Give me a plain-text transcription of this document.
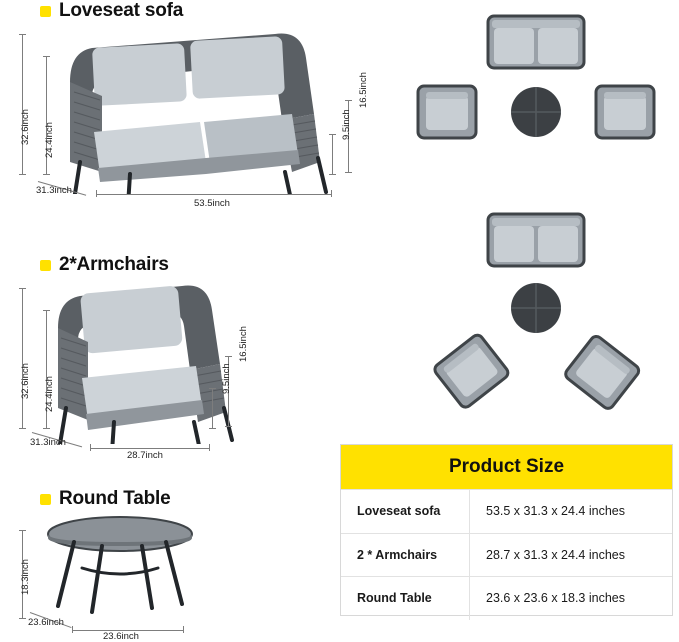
Loveseat sofa
32.6inch 24.4inch
31.3inch
53.5inch
16.5inch
9.5inch
2*Armchairs
32.6inch 24.4inch
31.3inch
28.7inch
16.5inch
9.5inch
Round Table
18.3inch
23.6inch
23.6inch
Product Size
Loveseat sofa	53.5 x 31.3 x 24.4 inches
2 * Armchairs	28.7 x 31.3 x 24.4 inches
Round Table	23.6 x 23.6 x 18.3 inches
